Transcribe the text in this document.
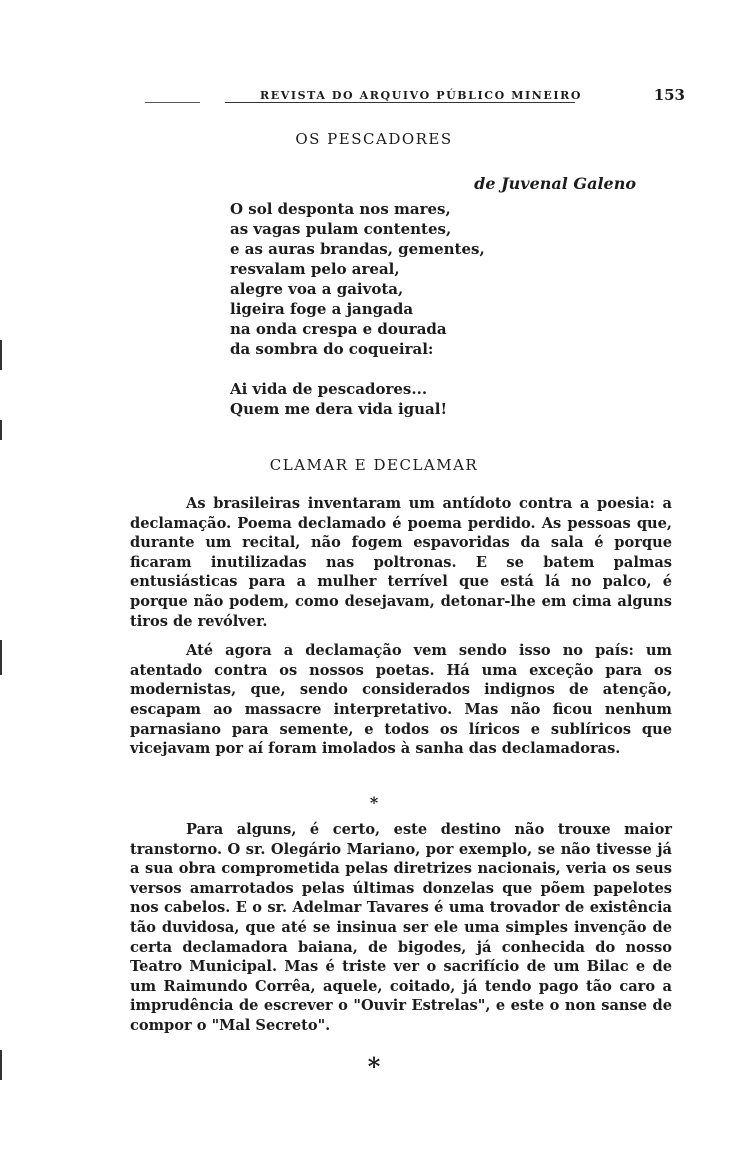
REVISTA DO ARQUIVO PÚBLICO MINEIRO	153
OS PESCADORES
de Juvenal Galeno
O sol desponta nos mares,
as vagas pulam contentes,
e as auras brandas, gementes,
resvalam pelo areal,
alegre voa a gaivota,
ligeira foge a jangada
na onda crespa e dourada
da sombra do coqueiral:
Ai vida de pescadores...
Quem me dera vida igual!
CLAMAR E DECLAMAR

As brasileiras inventaram um antídoto contra a poesia: a declamação. Poema declamado é poema perdido. As pessoas que, durante um recital, não fogem espavoridas da sala é porque ficaram inutilizadas nas poltronas. E se batem palmas entusiásticas para a mulher terrível que está lá no palco, é porque não podem, como desejavam, detonar-lhe em cima alguns tiros de revólver.

Até agora a declamação vem sendo isso no país: um atentado contra os nossos poetas. Há uma exceção para os modernistas, que, sendo considerados indignos de atenção, escapam ao massacre interpretativo. Mas não ficou nenhum parnasiano para semente, e todos os líricos e sublíricos que vicejavam por aí foram imolados à sanha das declamadoras.

*

Para alguns, é certo, este destino não trouxe maior transtorno. O sr. Olegário Mariano, por exemplo, se não tivesse já a sua obra comprometida pelas diretrizes nacionais, veria os seus versos amarrotados pelas últimas donzelas que põem papelotes nos cabelos. E o sr. Adelmar Tavares é uma trovador de existência tão duvidosa, que até se insinua ser ele uma simples invenção de certa declamadora baiana, de bigodes, já conhecida do nosso Teatro Municipal. Mas é triste ver o sacrifício de um Bilac e de um Raimundo Corrêa, aquele, coitado, já tendo pago tão caro a imprudência de escrever o "Ouvir Estrelas", e este o non sanse de compor o "Mal Secreto".

*
